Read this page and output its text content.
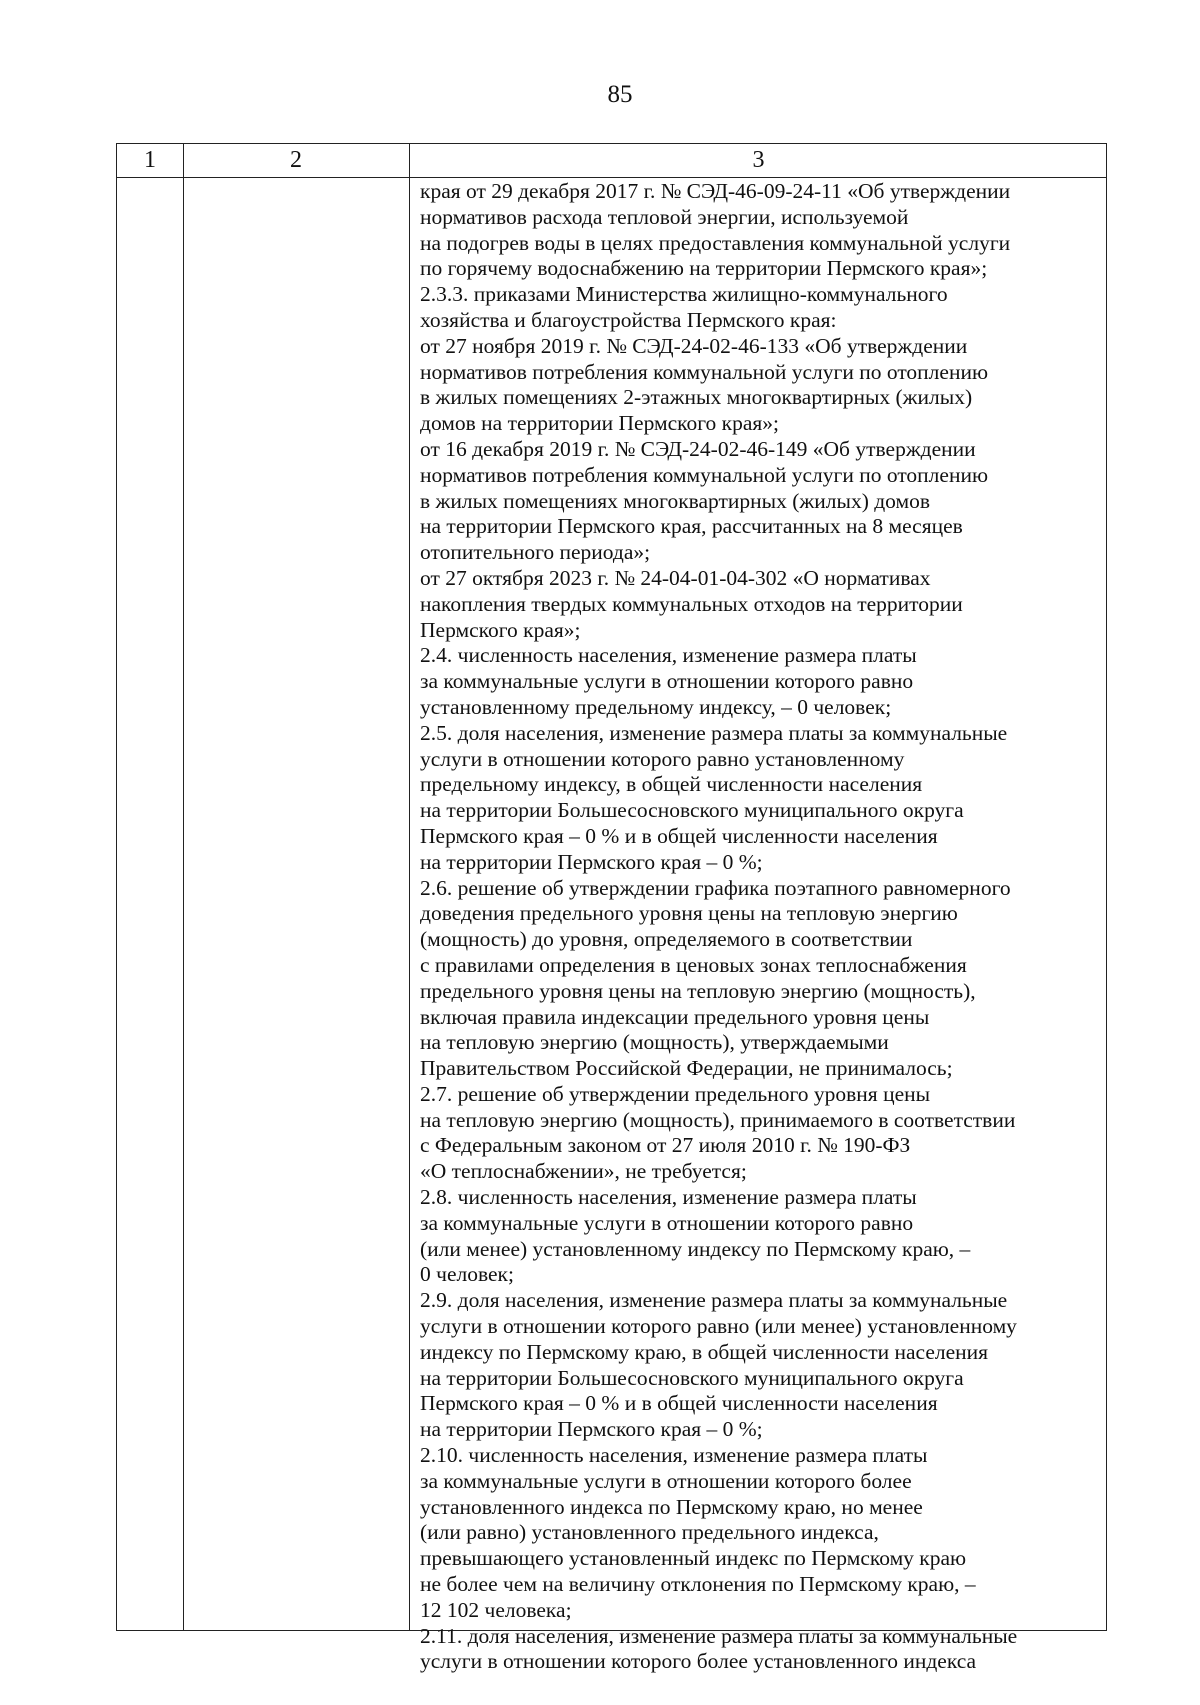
85
1	2	3
края от 29 декабря 2017 г. № СЭД-46-09-24-11 «Об утверждении
нормативов расхода тепловой энергии, используемой
на подогрев воды в целях предоставления коммунальной услуги
по горячему водоснабжению на территории Пермского края»;
2.3.3. приказами Министерства жилищно-коммунального
хозяйства и благоустройства Пермского края:
от 27 ноября 2019 г. № СЭД-24-02-46-133 «Об утверждении
нормативов потребления коммунальной услуги по отоплению
в жилых помещениях 2-этажных многоквартирных (жилых)
домов на территории Пермского края»;
от 16 декабря 2019 г. № СЭД-24-02-46-149 «Об утверждении
нормативов потребления коммунальной услуги по отоплению
в жилых помещениях многоквартирных (жилых) домов
на территории Пермского края, рассчитанных на 8 месяцев
отопительного периода»;
от 27 октября 2023 г. № 24-04-01-04-302 «О нормативах
накопления твердых коммунальных отходов на территории
Пермского края»;
2.4. численность населения, изменение размера платы
за коммунальные услуги в отношении которого равно
установленному предельному индексу, – 0 человек;
2.5. доля населения, изменение размера платы за коммунальные
услуги в отношении которого равно установленному
предельному индексу, в общей численности населения
на территории Большесосновского муниципального округа
Пермского края – 0 % и в общей численности населения
на территории Пермского края – 0 %;
2.6. решение об утверждении графика поэтапного равномерного
доведения предельного уровня цены на тепловую энергию
(мощность) до уровня, определяемого в соответствии
с правилами определения в ценовых зонах теплоснабжения
предельного уровня цены на тепловую энергию (мощность),
включая правила индексации предельного уровня цены
на тепловую энергию (мощность), утверждаемыми
Правительством Российской Федерации, не принималось;
2.7. решение об утверждении предельного уровня цены
на тепловую энергию (мощность), принимаемого в соответствии
с Федеральным законом от 27 июля 2010 г. № 190-ФЗ
«О теплоснабжении», не требуется;
2.8. численность населения, изменение размера платы
за коммунальные услуги в отношении которого равно
(или менее) установленному индексу по Пермскому краю, –
0 человек;
2.9. доля населения, изменение размера платы за коммунальные
услуги в отношении которого равно (или менее) установленному
индексу по Пермскому краю, в общей численности населения
на территории Большесосновского муниципального округа
Пермского края – 0 % и в общей численности населения
на территории Пермского края – 0 %;
2.10. численность населения, изменение размера платы
за коммунальные услуги в отношении которого более
установленного индекса по Пермскому краю, но менее
(или равно) установленного предельного индекса,
превышающего установленный индекс по Пермскому краю
не более чем на величину отклонения по Пермскому краю, –
12 102 человека;
2.11. доля населения, изменение размера платы за коммунальные
услуги в отношении которого более установленного индекса
